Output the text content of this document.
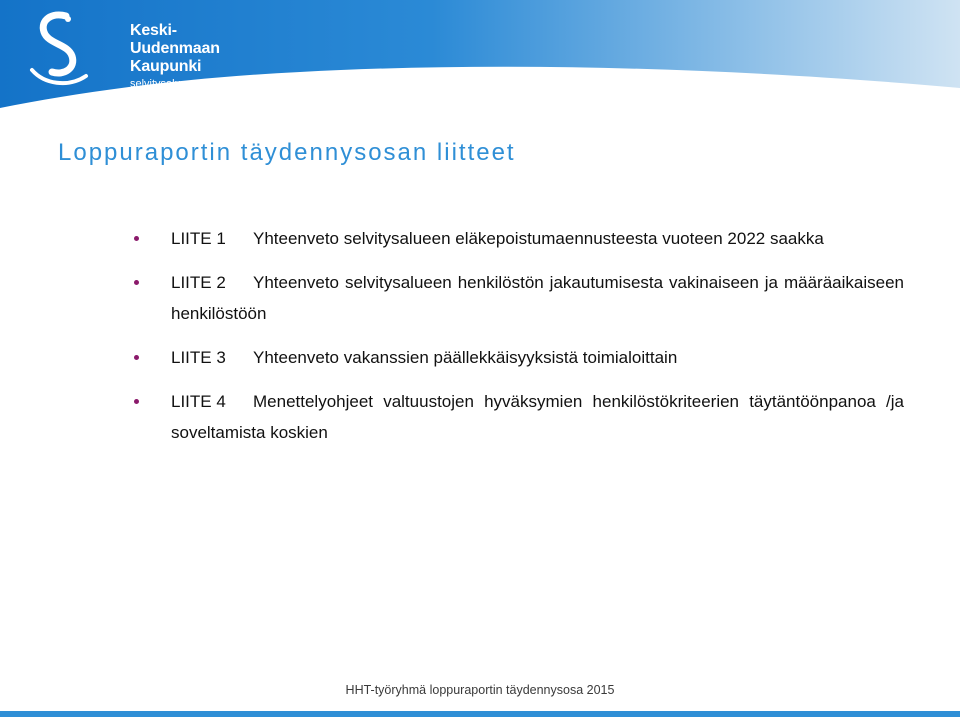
Keski-
Uudenmaan
Kaupunki
selvitysalue
Loppuraportin täydennysosan liitteet
LIITE 1 Yhteenveto selvitysalueen eläkepoistumaennusteesta vuoteen 2022 saakka
LIITE 2 Yhteenveto selvitysalueen henkilöstön jakautumisesta vakinaiseen ja määräaikaiseen henkilöstöön
LIITE 3 Yhteenveto vakanssien päällekkäisyyksistä toimialoittain
LIITE 4 Menettelyohjeet valtuustojen hyväksymien henkilöstökriteerien täytäntöönpanoa /ja soveltamista koskien
HHT-työryhmä loppuraportin täydennysosa 2015
